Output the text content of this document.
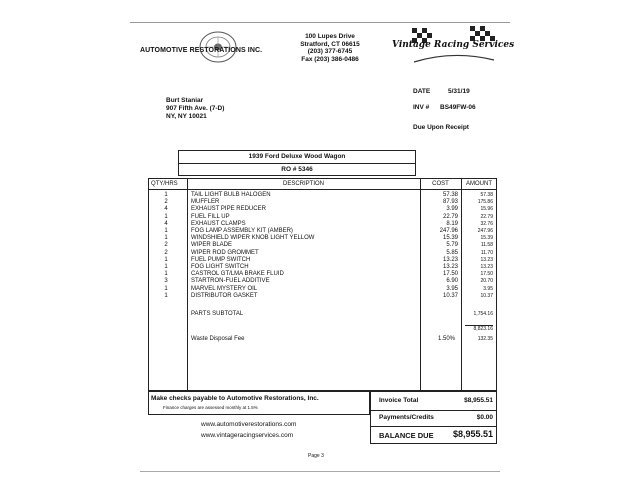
AUTOMOTIVE RESTORATIONS INC.
100 Lupes Drive
Stratford, CT 06615
(203) 377-6745
Fax (203) 386-0486
Vintage Racing Services
DATE	5/31/19
INV # BS49FW-06
Due Upon Receipt
Burt Staniar
907 Fifth Ave. (7-D)
NY, NY 10021
1939 Ford Deluxe Wood Wagon
RO # 5346
QTY/HRS	DESCRIPTION	COST	AMOUNT
1	TAIL LIGHT BULB HALOGEN	57.38	57.38
2	MUFFLER	87.93	175.86
4	EXHAUST PIPE REDUCER	3.99	15.96
1	FUEL FILL UP	22.79	22.79
4	EXHAUST CLAMPS	8.19	32.76
1	FOG LAMP ASSEMBLY KIT (AMBER)	247.96	247.96
1	WINDSHIELD WIPER KNOB LIGHT YELLOW	15.39	15.39
2	WIPER BLADE	5.79	11.58
2	WIPER ROD GROMMET	5.85	11.70
1	FUEL PUMP SWITCH	13.23	13.23
1	FOG LIGHT SWITCH	13.23	13.23
1	CASTROL GT/LMA BRAKE FLUID	17.50	17.50
3	STARTRON-FUEL ADDITIVE	6.90	20.70
1	MARVEL MYSTERY OIL	3.95	3.95
1	DISTRIBUTOR GASKET	10.37	10.37
PARTS SUBTOTAL	1,754.16
8,823.16
Waste Disposal Fee	1.50%	132.35
Make checks payable to Automotive Restorations, Inc.
Finance charges are assessed monthly at 1.5%
www.automotiverestorations.com
www.vintageracingservices.com
Invoice Total	$8,955.51
Payments/Credits	$0.00
BALANCE DUE	$8,955.51
Page 3
